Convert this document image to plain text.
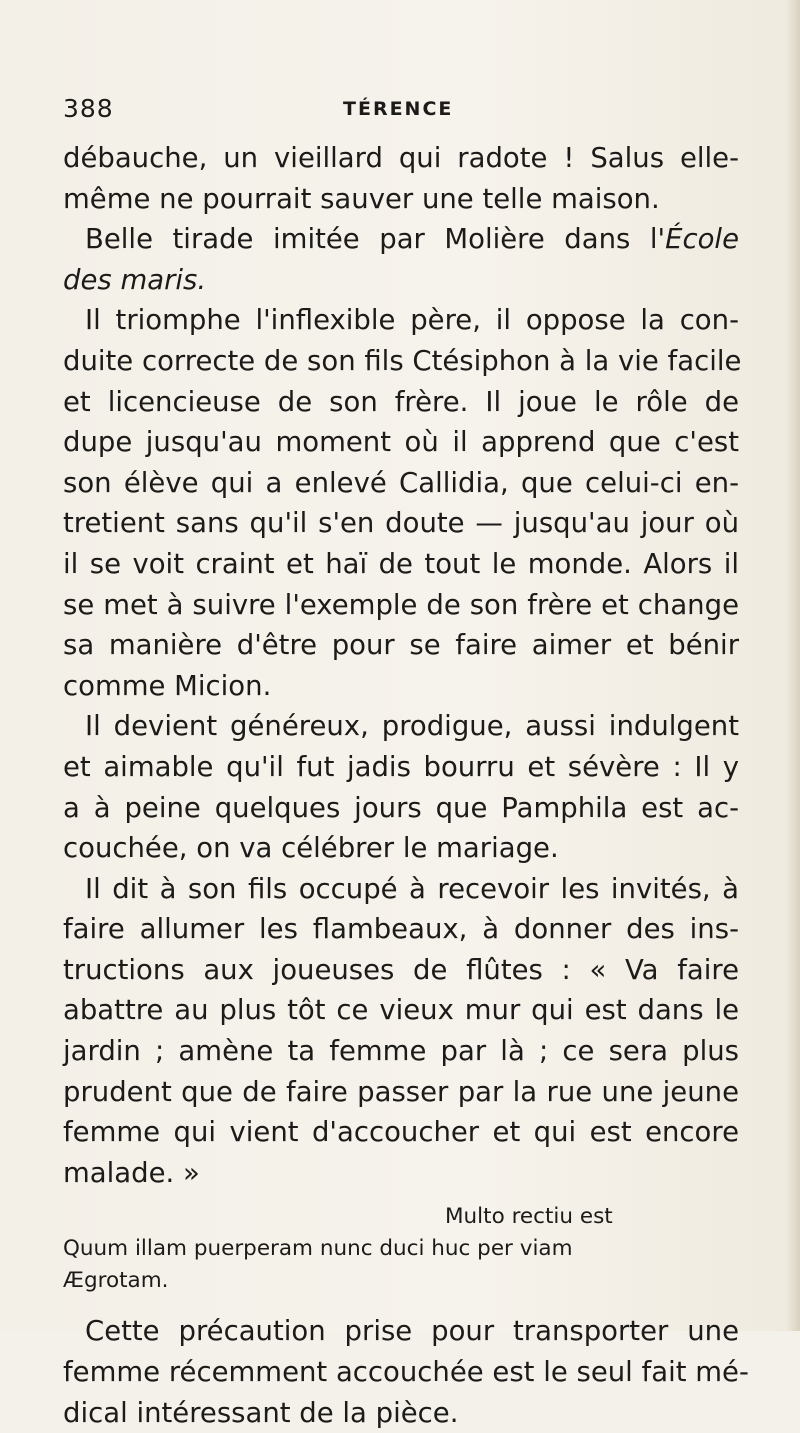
388	TÉRENCE
débauche, un vieillard qui radote ! Salus elle-
même ne pourrait sauver une telle maison.
Belle tirade imitée par Molière dans l'École
des maris.
Il triomphe l'inflexible père, il oppose la con-
duite correcte de son fils Ctésiphon à la vie facile
et licencieuse de son frère. Il joue le rôle de
dupe jusqu'au moment où il apprend que c'est
son élève qui a enlevé Callidia, que celui-ci en-
tretient sans qu'il s'en doute — jusqu'au jour où
il se voit craint et haï de tout le monde. Alors il
se met à suivre l'exemple de son frère et change
sa manière d'être pour se faire aimer et bénir
comme Micion.
Il devient généreux, prodigue, aussi indulgent
et aimable qu'il fut jadis bourru et sévère : Il y
a à peine quelques jours que Pamphila est ac-
couchée, on va célébrer le mariage.
Il dit à son fils occupé à recevoir les invités, à
faire allumer les flambeaux, à donner des ins-
tructions aux joueuses de flûtes : « Va faire
abattre au plus tôt ce vieux mur qui est dans le
jardin ; amène ta femme par là ; ce sera plus
prudent que de faire passer par la rue une jeune
femme qui vient d'accoucher et qui est encore
malade. »
Multo rectiu est
Quum illam puerperam nunc duci huc per viam
Ægrotam.
Cette précaution prise pour transporter une
femme récemment accouchée est le seul fait mé-
dical intéressant de la pièce.
